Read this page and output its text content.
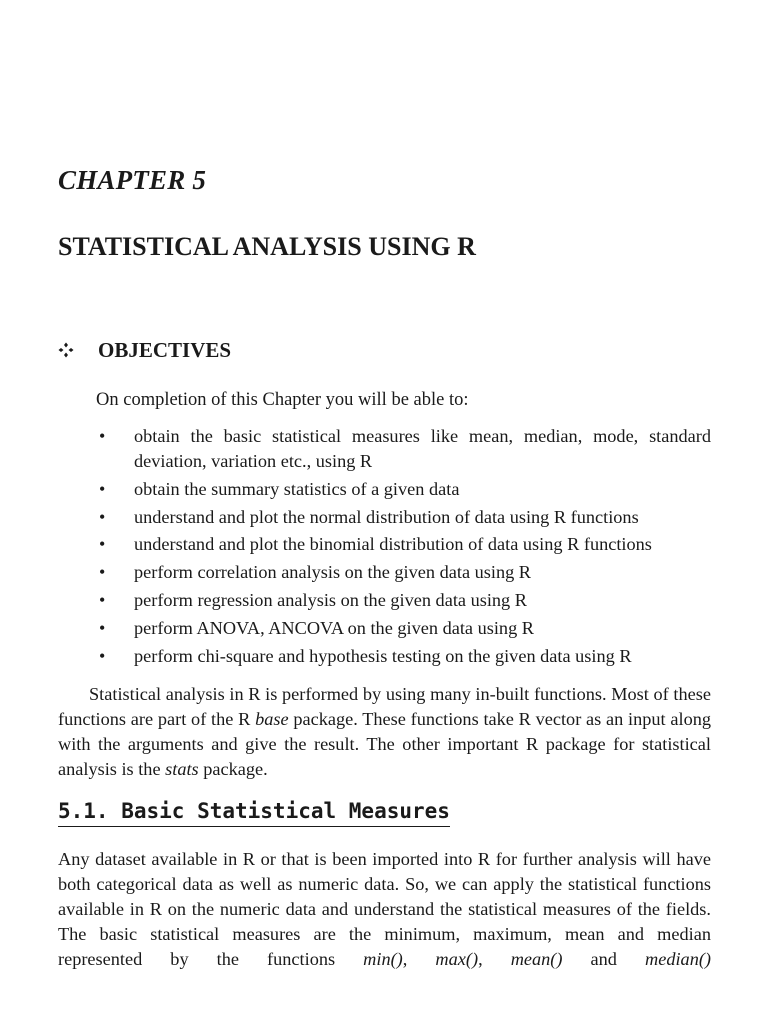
CHAPTER 5
STATISTICAL ANALYSIS USING R
OBJECTIVES
On completion of this Chapter you will be able to:
• obtain the basic statistical measures like mean, median, mode, standard deviation, variation etc., using R
• obtain the summary statistics of a given data
• understand and plot the normal distribution of data using R functions
• understand and plot the binomial distribution of data using R functions
• perform correlation analysis on the given data using R
• perform regression analysis on the given data using R
• perform ANOVA, ANCOVA on the given data using R
• perform chi-square and hypothesis testing on the given data using R

Statistical analysis in R is performed by using many in-built functions. Most of these functions are part of the R base package. These functions take R vector as an input along with the arguments and give the result. The other important R package for statistical analysis is the stats package.

5.1. Basic Statistical Measures

Any dataset available in R or that is been imported into R for further analysis will have both categorical data as well as numeric data. So, we can apply the statistical functions available in R on the numeric data and understand the statistical measures of the fields. The basic statistical measures are the minimum, maximum, mean and median represented by the functions min(), max(), mean() and median()
